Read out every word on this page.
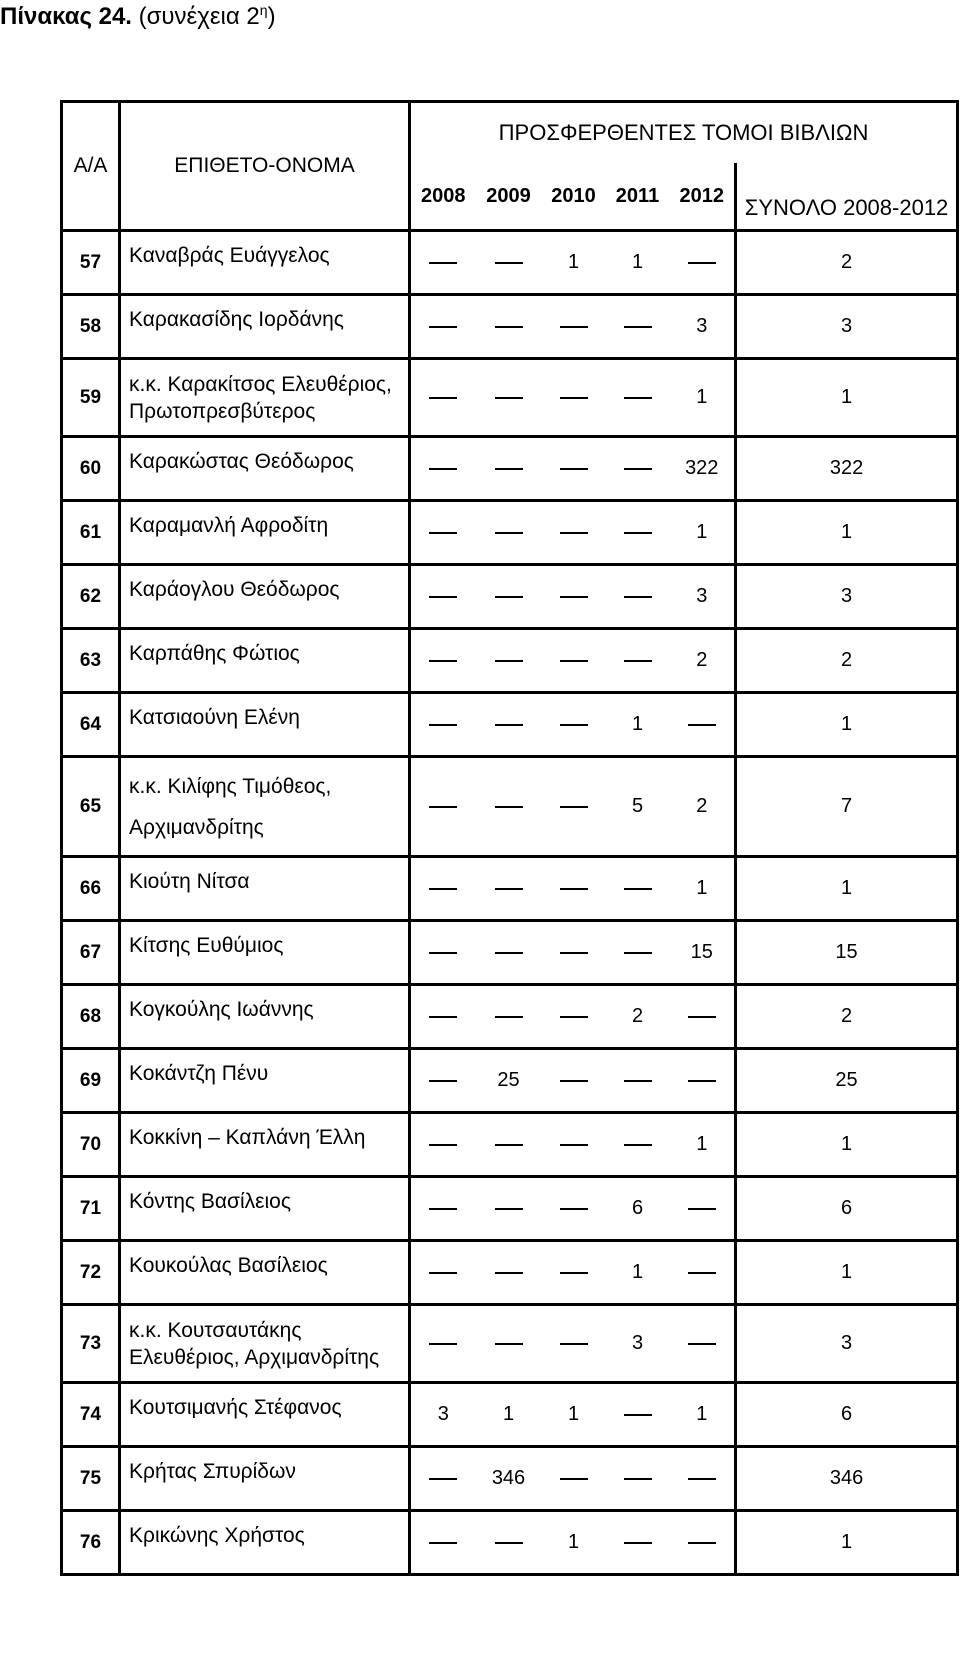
Πίνακας 24. (συνέχεια $2^\eta$)
Α/Α	ΕΠΙΘΕΤΟ-ΟΝΟΜΑ	ΠΡΟΣΦΕΡΘΕΝΤΕΣ ΤΟΜΟΙ ΒΙΒΛΙΩΝ					
		2008	2009	2010	2011	2012	ΣΥΝΟΛΟ 2008-2012
57	Καναβράς Ευάγγελος			1	1		2
58	Καρακασίδης Ιορδάνης					3	3
59	κ.κ. Καρακίτσος Ελευθέριος, Πρωτοπρεσβύτερος					1	1
60	Καρακώστας Θεόδωρος					322	322
61	Καραμανλή Αφροδίτη					1	1
62	Καράογλου Θεόδωρος					3	3
63	Καρπάθης Φώτιος					2	2
64	Κατσιαούνη Ελένη				1		1
65	κ.κ. Κιλίφης Τιμόθεος,
Αρχιμανδρίτης				5	2	7
66	Κιούτη Νίτσα					1	1
67	Κίτσης Ευθύμιος					15	15
68	Κογκούλης Ιωάννης				2		2
69	Κοκάντζη Πένυ		25				25
70	Κοκκίνη – Καπλάνη Έλλη					1	1
71	Κόντης Βασίλειος				6		6
72	Κουκούλας Βασίλειος				1		1
73	κ.κ. Κουτσαυτάκης Ελευθέριος, Αρχιμανδρίτης				3		3
74	Κουτσιμανής Στέφανος	3	1	1		1	6
75	Κρήτας Σπυρίδων		346				346
76	Κρικώνης Χρήστος			1			1
